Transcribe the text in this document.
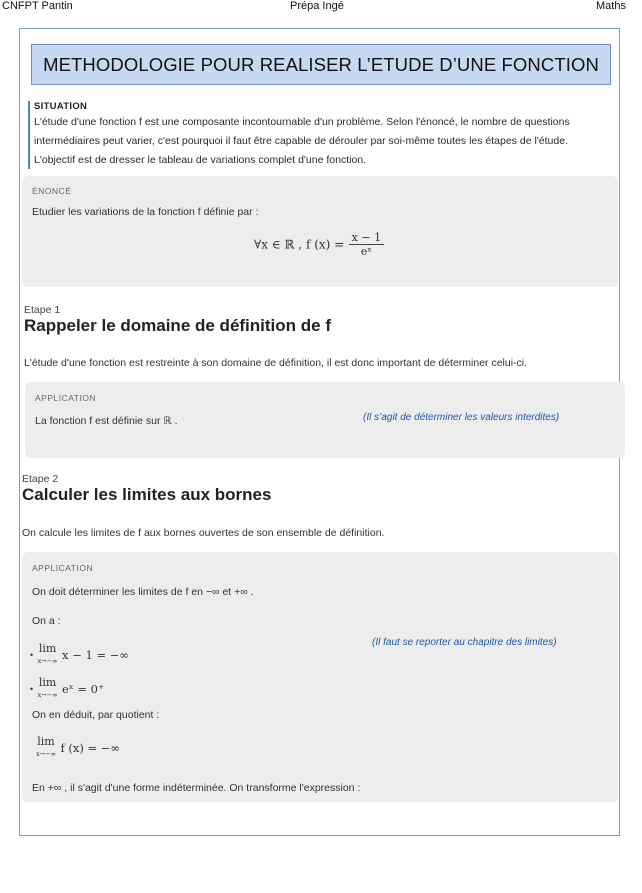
CNFPT Pantin	Prépa Ingé	Maths
METHODOLOGIE POUR REALISER L’ETUDE D’UNE FONCTION
SITUATION
L'étude d'une fonction f est une composante incontournable d'un problème. Selon l'énoncé, le nombre de questions
intermédiaires peut varier, c'est pourquoi il faut être capable de dérouler par soi-même toutes les étapes de l'étude.
L'objectif est de dresser le tableau de variations complet d'une fonction.
ÉNONCÉ
Etudier les variations de la fonction f définie par :
∀x ∈ ℝ , f $(x) = \frac{x - 1}{\text{eˣ}}$
Etape 1
Rappeler le domaine de définition de f
L'étude d'une fonction est restreinte à son domaine de définition, il est donc important de déterminer celui-ci.
APPLICATION
La fonction f est définie sur ℝ .	(Il s’agit de déterminer les valeurs interdites)
Etape 2
Calculer les limites aux bornes
On calcule les limites de f aux bornes ouvertes de son ensemble de définition.
APPLICATION
On doit déterminer les limites de f en −∞ et +∞ .
On a :
(Il faut se reporter au chapitre des limites)
• lim
x→−∞ x − 1 = −∞
• lim
x→−∞ eˣ = 0⁺
On en déduit, par quotient :
lim
x→−∞ f (x) = −∞
En +∞ , il s'agit d'une forme indéterminée. On transforme l'expression :
